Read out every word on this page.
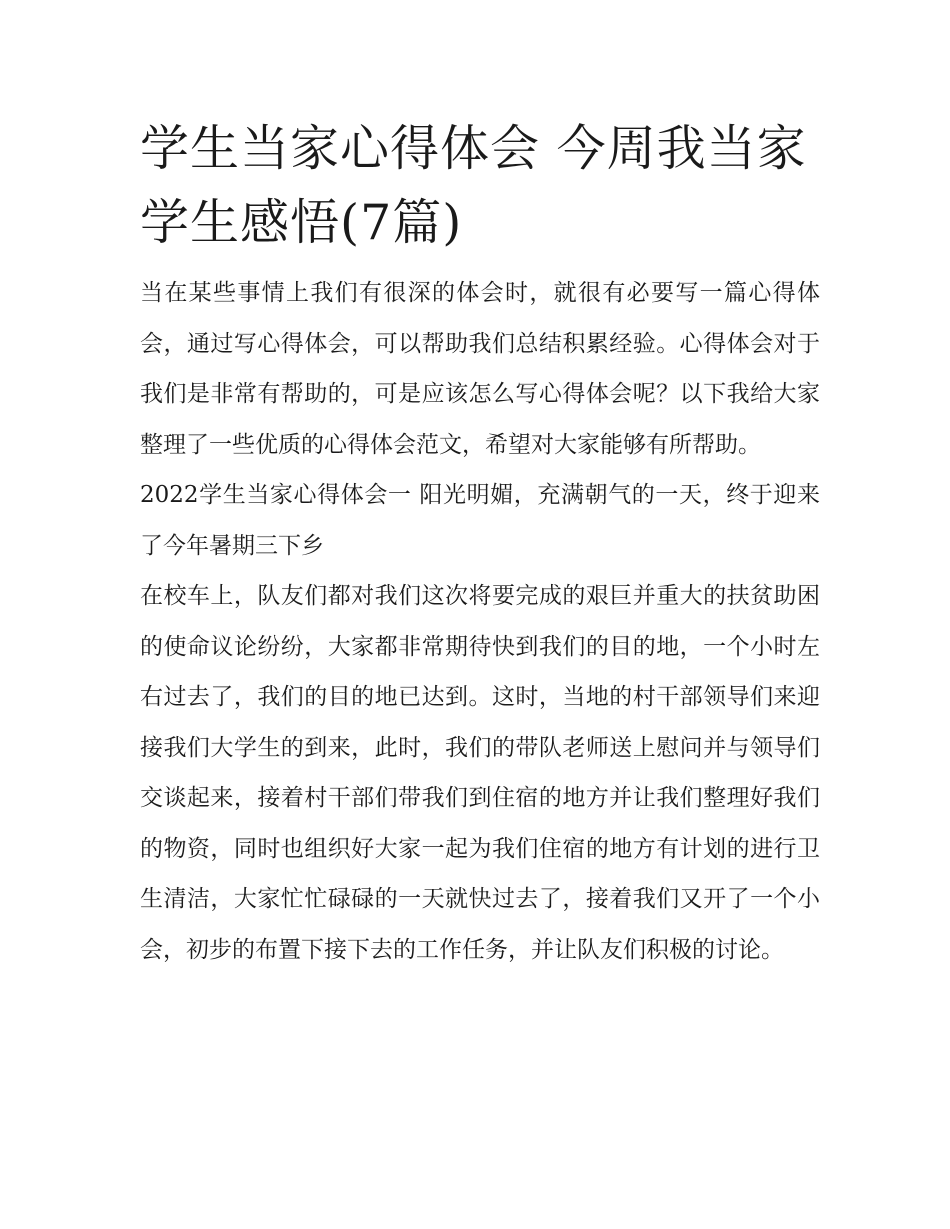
学生当家心得体会 今周我当家学生感悟(7篇)

当在某些事情上我们有很深的体会时，就很有必要写一篇心得体会，通过写心得体会，可以帮助我们总结积累经验。心得体会对于我们是非常有帮助的，可是应该怎么写心得体会呢？以下我给大家整理了一些优质的心得体会范文，希望对大家能够有所帮助。

2022学生当家心得体会一 阳光明媚，充满朝气的一天，终于迎来了今年暑期三下乡

在校车上，队友们都对我们这次将要完成的艰巨并重大的扶贫助困的使命议论纷纷，大家都非常期待快到我们的目的地，一个小时左右过去了，我们的目的地已达到。这时，当地的村干部领导们来迎接我们大学生的到来，此时，我们的带队老师送上慰问并与领导们交谈起来，接着村干部们带我们到住宿的地方并让我们整理好我们的物资，同时也组织好大家一起为我们住宿的地方有计划的进行卫生清洁，大家忙忙碌碌的一天就快过去了，接着我们又开了一个小会，初步的布置下接下去的工作任务，并让队友们积极的讨论。
